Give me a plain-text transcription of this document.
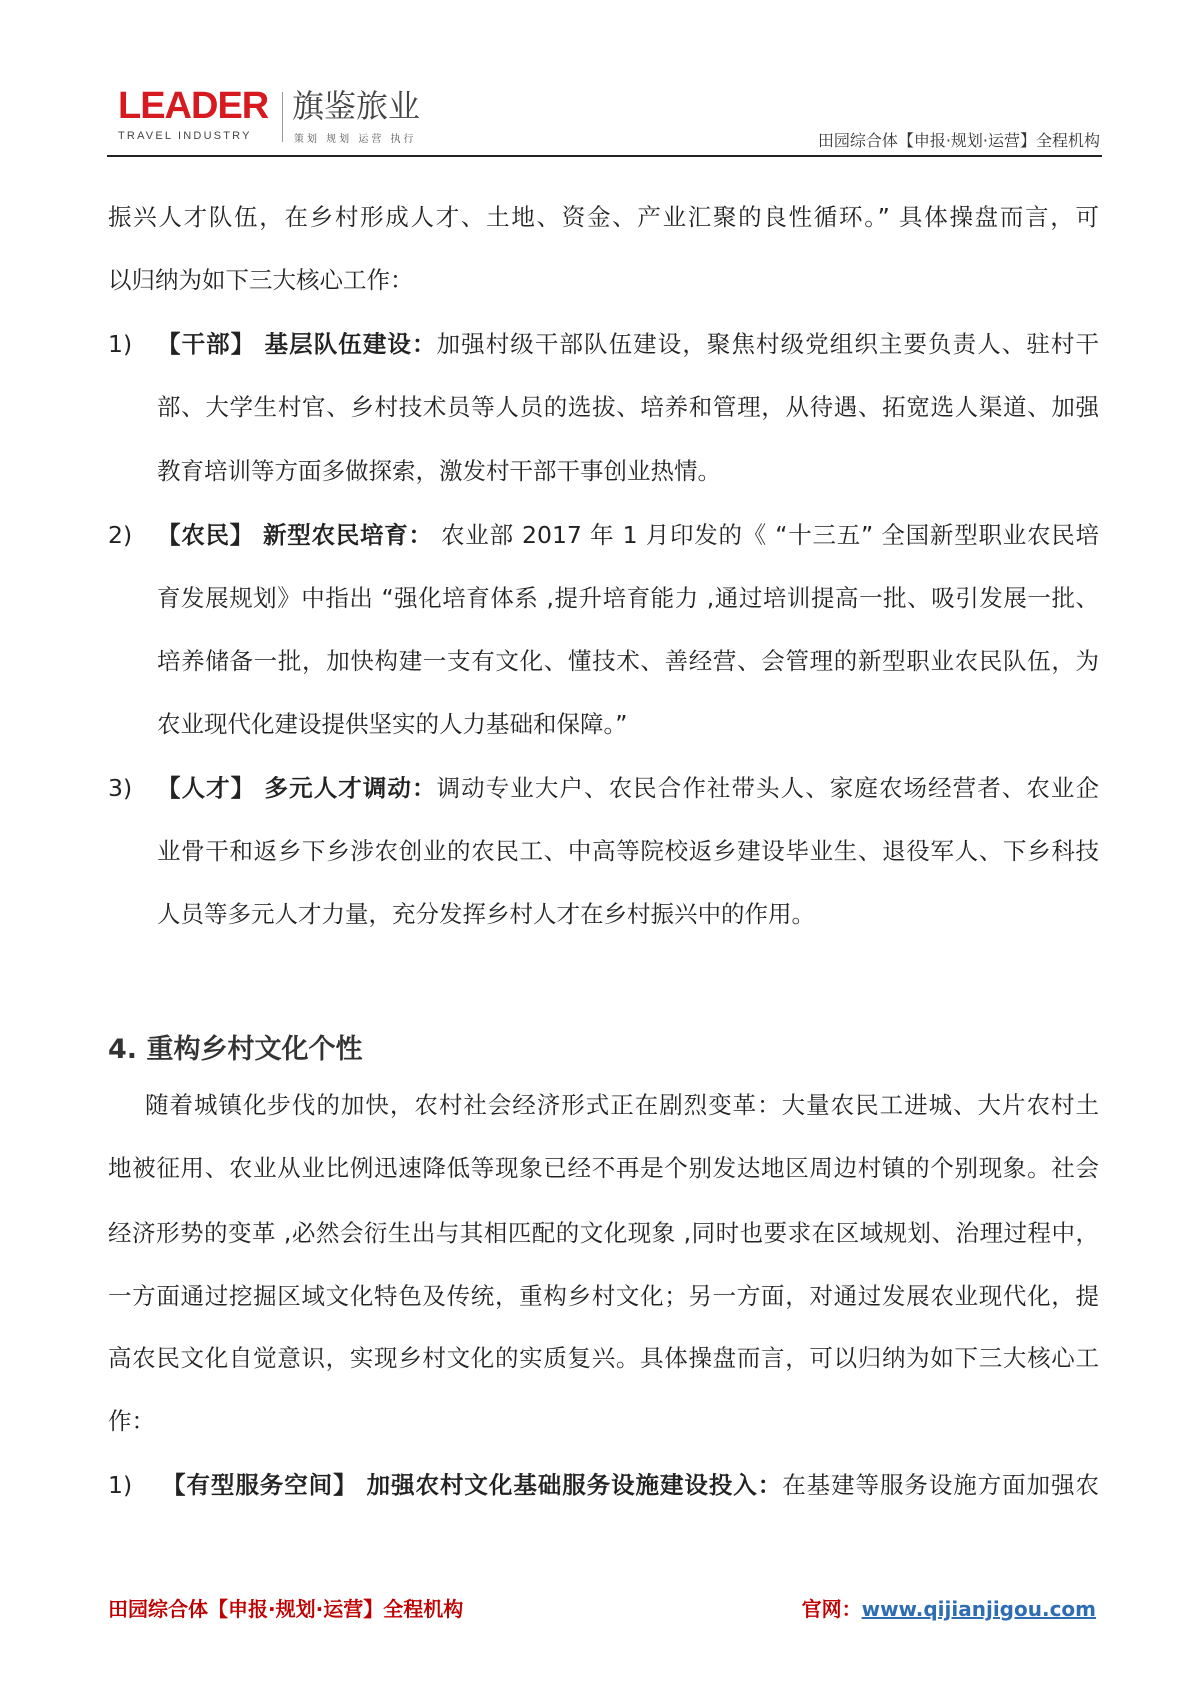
LEADER
TRAVEL INDUSTRY
旗鉴旅业
策划 规划 运营 执行	田园综合体【申报·规划·运营】全程机构
振兴人才队伍，在乡村形成人才、土地、资金、产业汇聚的良性循环。” 具体操盘而言，可
以归纳为如下三大核心工作：
1) 【干部】 基层队伍建设：加强村级干部队伍建设，聚焦村级党组织主要负责人、驻村干
部、大学生村官、乡村技术员等人员的选拔、培养和管理，从待遇、拓宽选人渠道、加强
教育培训等方面多做探索，激发村干部干事创业热情。
2) 【农民】 新型农民培育： 农业部 2017 年 1 月印发的《 “十三五” 全国新型职业农民培
育发展规划》中指出 “强化培育体系 ,提升培育能力 ,通过培训提高一批、吸引发展一批、
培养储备一批，加快构建一支有文化、懂技术、善经营、会管理的新型职业农民队伍，为
农业现代化建设提供坚实的人力基础和保障。”
3) 【人才】 多元人才调动：调动专业大户、农民合作社带头人、家庭农场经营者、农业企
业骨干和返乡下乡涉农创业的农民工、中高等院校返乡建设毕业生、退役军人、下乡科技
人员等多元人才力量，充分发挥乡村人才在乡村振兴中的作用。
4. 重构乡村文化个性
随着城镇化步伐的加快，农村社会经济形式正在剧烈变革：大量农民工进城、大片农村土
地被征用、农业从业比例迅速降低等现象已经不再是个别发达地区周边村镇的个别现象。社会
经济形势的变革 ,必然会衍生出与其相匹配的文化现象 ,同时也要求在区域规划、治理过程中，
一方面通过挖掘区域文化特色及传统，重构乡村文化；另一方面，对通过发展农业现代化，提
高农民文化自觉意识，实现乡村文化的实质复兴。具体操盘而言，可以归纳为如下三大核心工
作：
1) 【有型服务空间】 加强农村文化基础服务设施建设投入：在基建等服务设施方面加强农
田园综合体【申报·规划·运营】全程机构	官网：www.qijianjigou.com
